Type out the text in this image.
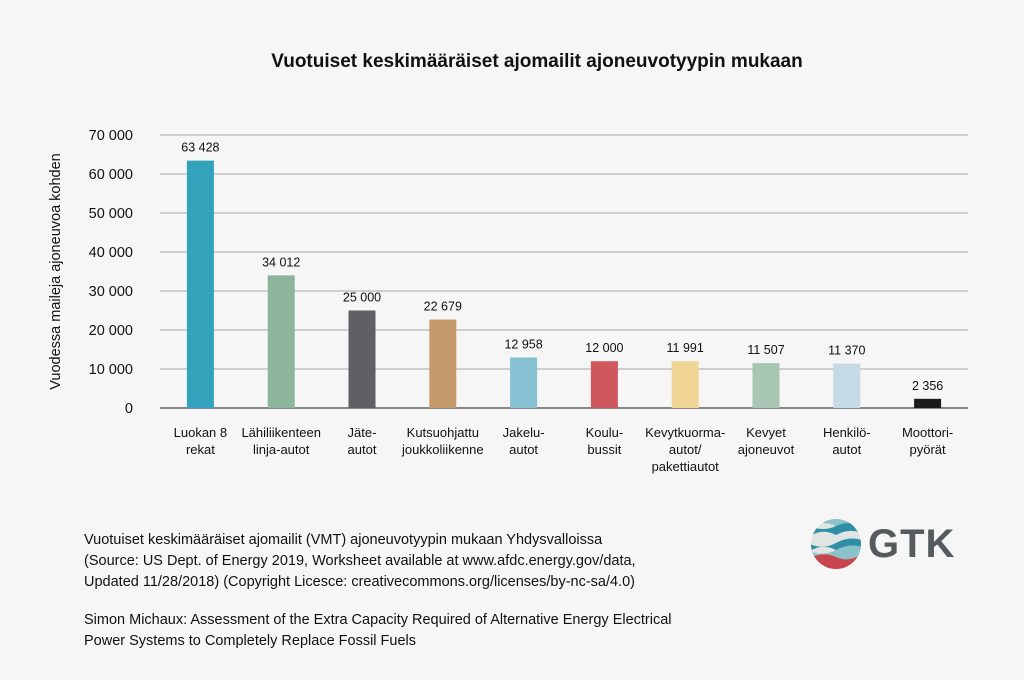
Vuotuiset keskimääräiset ajomailit ajoneuvotyypin mukaan
Vuodessa maileja ajoneuvoa kohden
0
10 000
20 000
30 000
40 000
50 000
60 000
70 000
63 428
Luokan 8
rekat
34 012
Lähiliikenteen
linja-autot
25 000
Jäte-
autot
22 679
Kutsuohjattu
joukkoliikenne
12 958
Jakelu-
autot
12 000
Koulu-
bussit
11 991
Kevytkuorma-
autot/
pakettiautot
11 507
Kevyet
ajoneuvot
11 370
Henkilö-
autot
2 356
Moottori-
pyörät
Vuotuiset keskimääräiset ajomailit (VMT) ajoneuvotyypin mukaan Yhdysvalloissa
(Source: US Dept. of Energy 2019, Worksheet available at www.afdc.energy.gov/data,
Updated 11/28/2018) (Copyright Licesce: creativecommons.org/licenses/by-nc-sa/4.0)
Simon Michaux: Assessment of the Extra Capacity Required of Alternative Energy Electrical
Power Systems to Completely Replace Fossil Fuels
GTK
